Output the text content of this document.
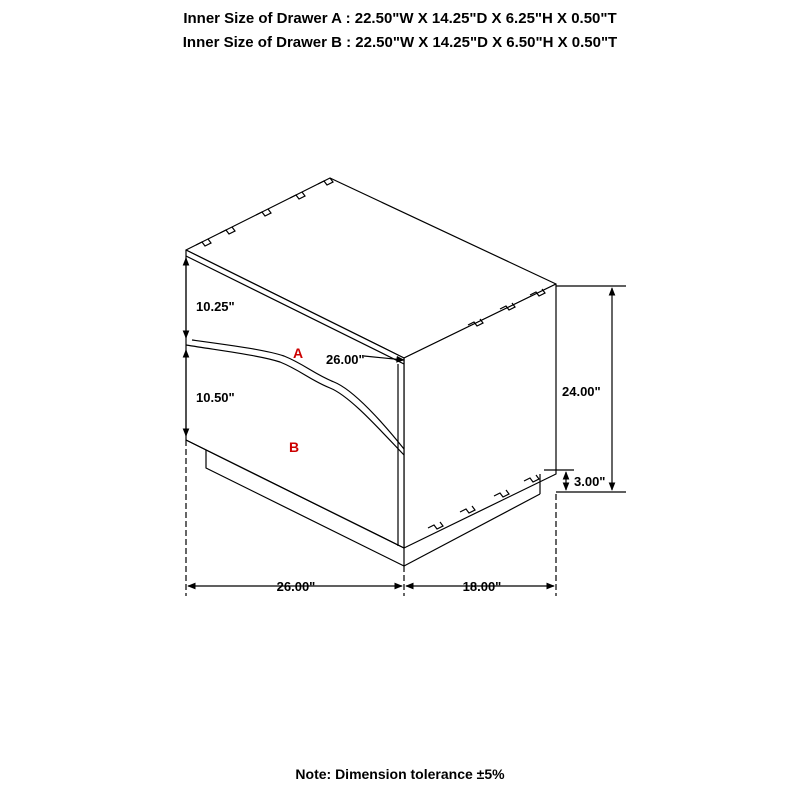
Inner Size of Drawer A : 22.50"W X 14.25"D X 6.25"H X 0.50"T
Inner Size of Drawer B : 22.50"W X 14.25"D X 6.50"H X 0.50"T
A
B
10.25"
10.50"
26.00"
24.00"
3.00"
26.00"	18.00"
Note: Dimension tolerance ±5%
